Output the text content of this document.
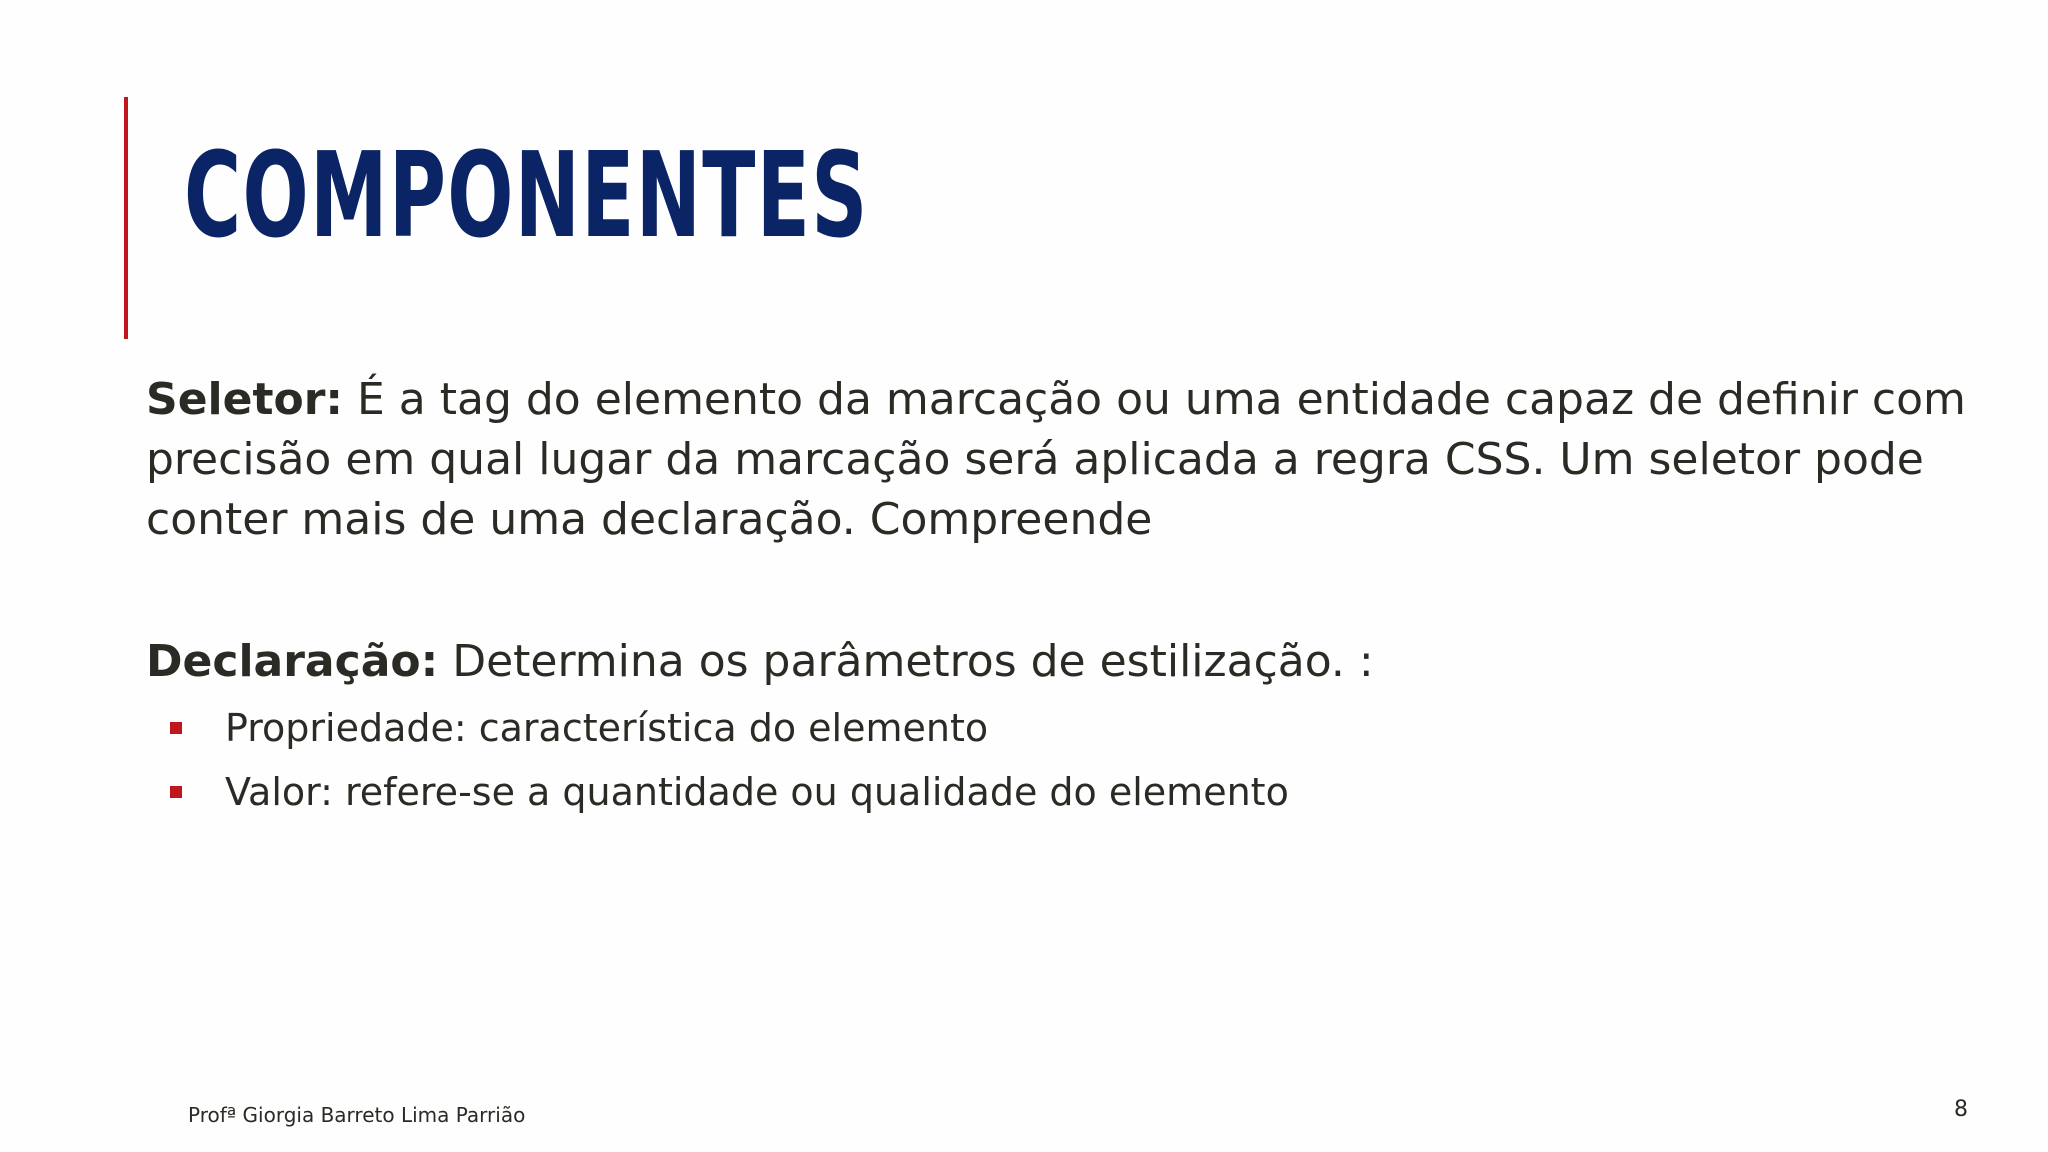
COMPONENTES
Seletor: É a tag do elemento da marcação ou uma entidade capaz de definir com precisão em qual lugar da marcação será aplicada a regra CSS. Um seletor pode conter mais de uma declaração. Compreende
Declaração: Determina os parâmetros de estilização. :
Propriedade: característica do elemento
Valor: refere-se a quantidade ou qualidade do elemento
Profª Giorgia Barreto Lima Parrião	8
